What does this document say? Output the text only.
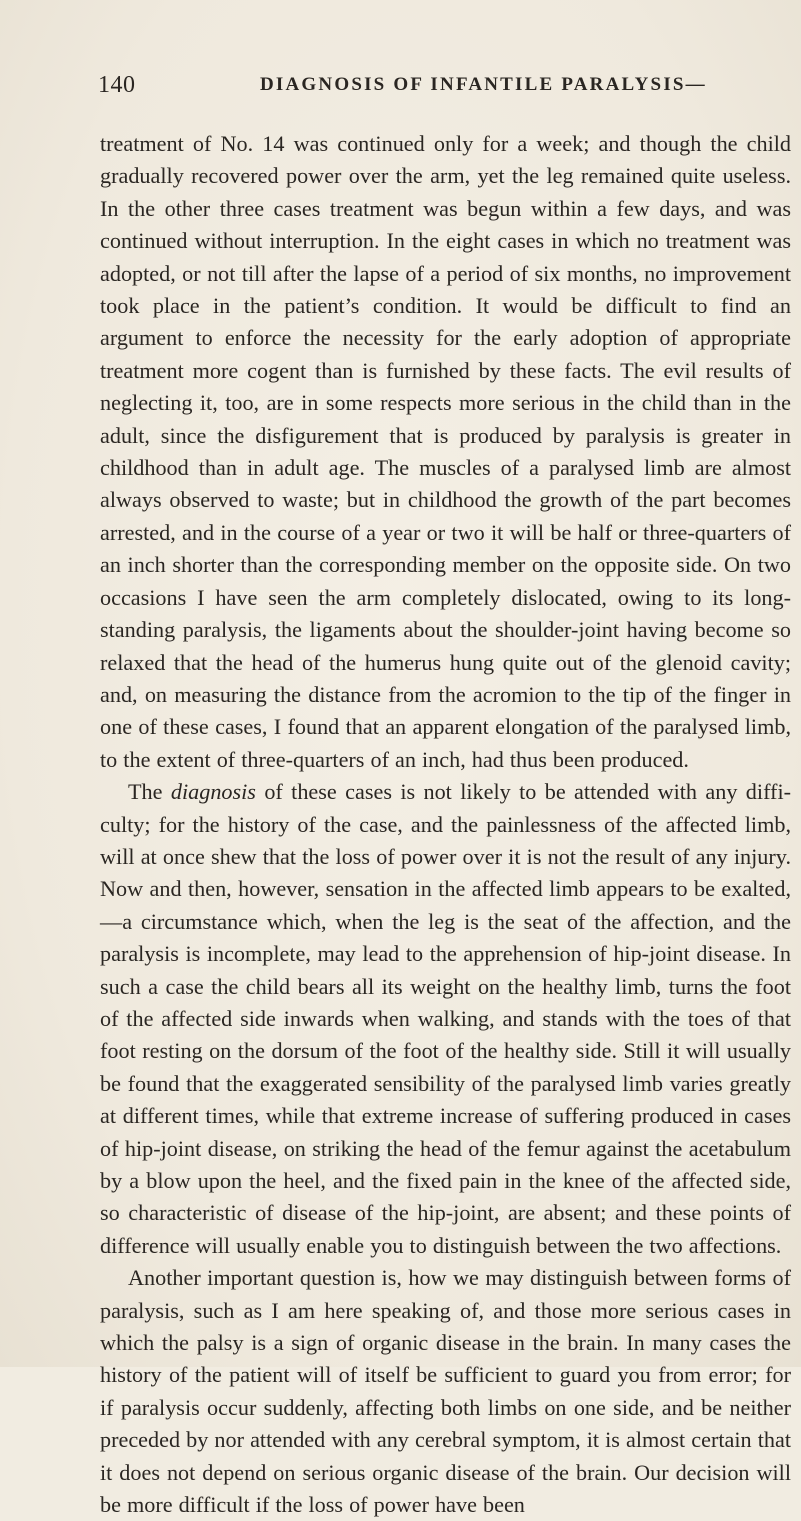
140	DIAGNOSIS OF INFANTILE PARALYSIS—

treatment of No. 14 was continued only for a week; and though the child gradually recovered power over the arm, yet the leg remained quite useless. In the other three cases treatment was begun within a few days, and was continued without interruption. In the eight cases in which no treatment was adopted, or not till after the lapse of a period of six months, no improvement took place in the patient’s condition. It would be difficult to find an argument to enforce the necessity for the early adoption of appropriate treatment more cogent than is furnished by these facts. The evil results of neglecting it, too, are in some respects more serious in the child than in the adult, since the disfigurement that is produced by paralysis is greater in childhood than in adult age. The muscles of a paralysed limb are almost always observed to waste; but in childhood the growth of the part becomes arrested, and in the course of a year or two it will be half or three-quarters of an inch shorter than the corresponding member on the opposite side. On two occasions I have seen the arm completely dislocated, owing to its long-standing paralysis, the ligaments about the shoulder-joint having become so relaxed that the head of the humerus hung quite out of the glenoid cavity; and, on measuring the distance from the acromion to the tip of the finger in one of these cases, I found that an apparent elongation of the paralysed limb, to the extent of three-quarters of an inch, had thus been produced.

The diagnosis of these cases is not likely to be attended with any difficulty; for the history of the case, and the painlessness of the affected limb, will at once shew that the loss of power over it is not the result of any injury. Now and then, however, sensation in the affected limb appears to be exalted,—a circumstance which, when the leg is the seat of the affection, and the paralysis is incomplete, may lead to the apprehension of hip-joint disease. In such a case the child bears all its weight on the healthy limb, turns the foot of the affected side inwards when walking, and stands with the toes of that foot resting on the dorsum of the foot of the healthy side. Still it will usually be found that the exaggerated sensibility of the paralysed limb varies greatly at different times, while that extreme increase of suffering produced in cases of hip-joint disease, on striking the head of the femur against the acetabulum by a blow upon the heel, and the fixed pain in the knee of the affected side, so characteristic of disease of the hip-joint, are absent; and these points of difference will usually enable you to distinguish between the two affections.

Another important question is, how we may distinguish between forms of paralysis, such as I am here speaking of, and those more serious cases in which the palsy is a sign of organic disease in the brain. In many cases the history of the patient will of itself be sufficient to guard you from error; for if paralysis occur suddenly, affecting both limbs on one side, and be neither preceded by nor attended with any cerebral symptom, it is almost certain that it does not depend on serious organic disease of the brain. Our decision will be more difficult if the loss of power have been
